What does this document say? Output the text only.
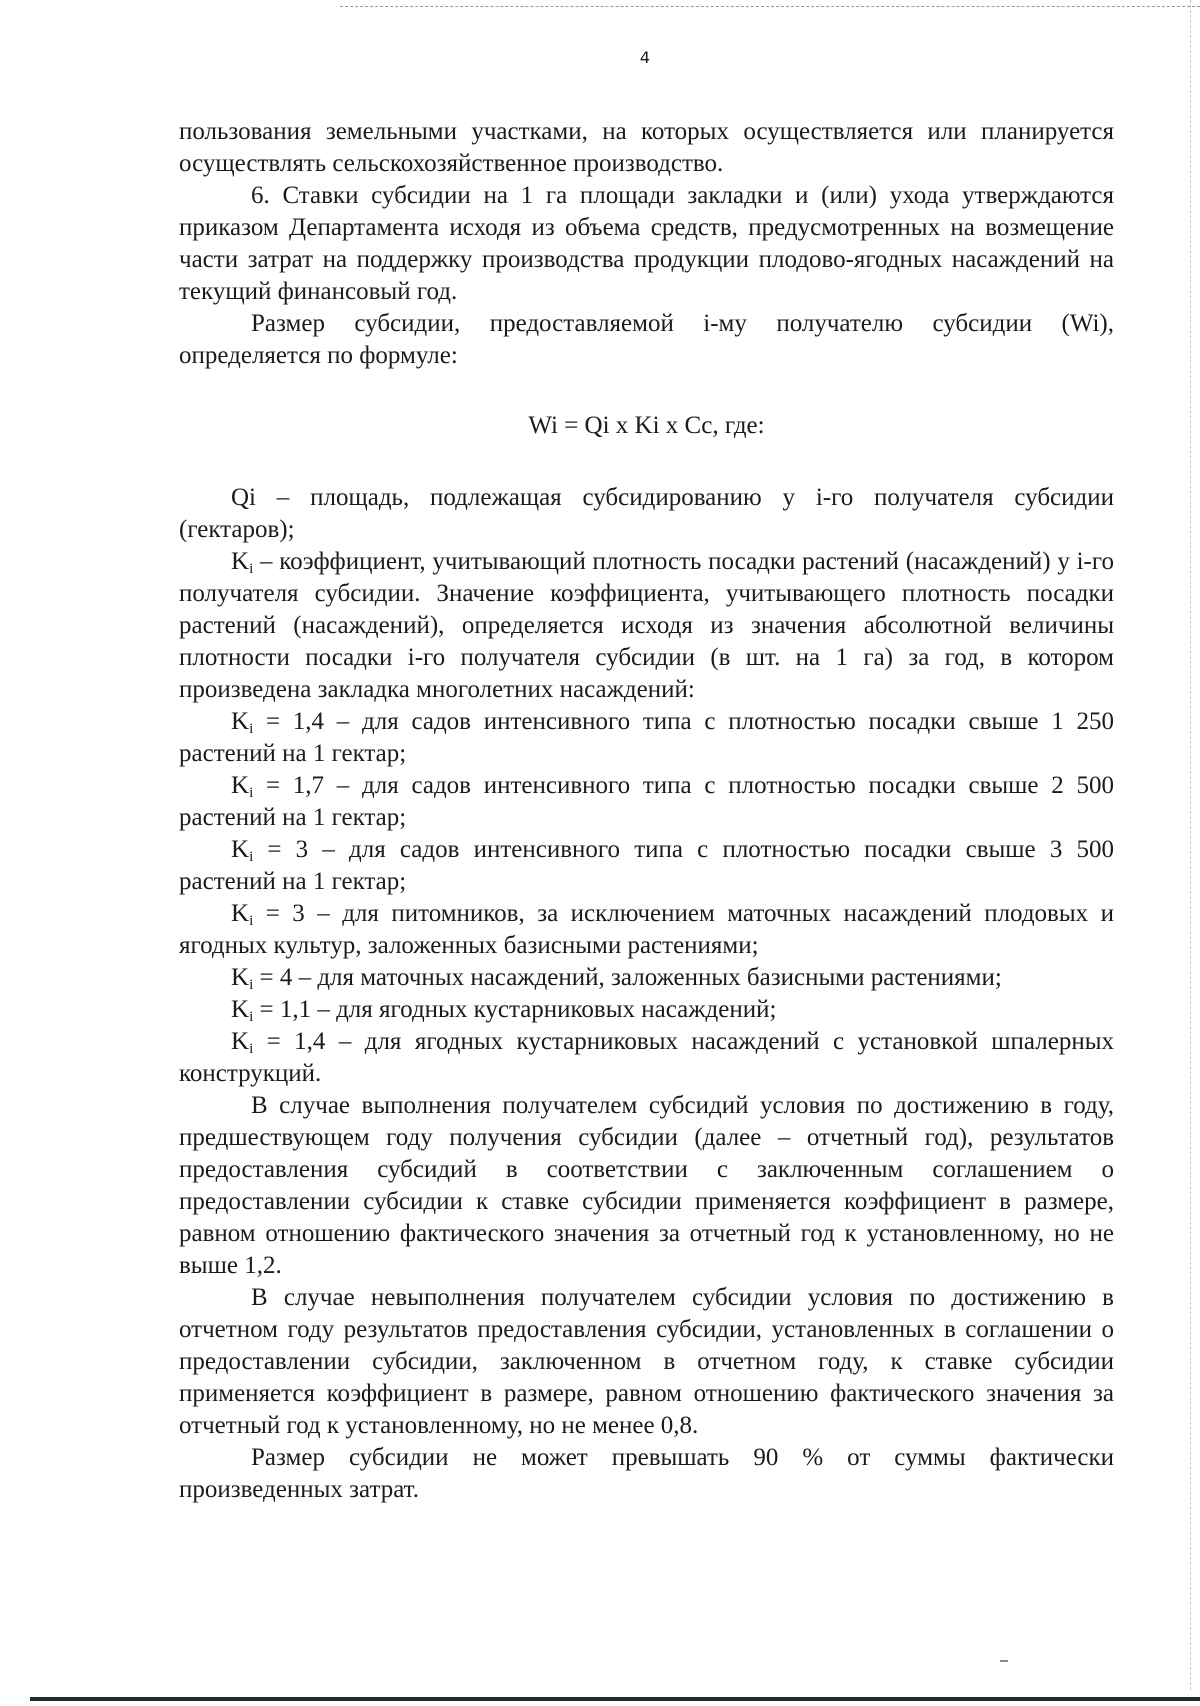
4

пользования земельными участками, на которых осуществляется или планируется осуществлять сельскохозяйственное производство.

6. Ставки субсидии на 1 га площади закладки и (или) ухода утверждаются приказом Департамента исходя из объема средств, предусмотренных на возмещение части затрат на поддержку производства продукции плодово-ягодных насаждений на текущий финансовый год.

Размер субсидии, предоставляемой i-му получателю субсидии (Wi), определяется по формуле:

Wi = Qi x Ki x Cc, где:

Qi – площадь, подлежащая субсидированию у i-го получателя субсидии (гектаров);

$K_i$ – коэффициент, учитывающий плотность посадки растений (насаждений) у i-го получателя субсидии. Значение коэффициента, учитывающего плотность посадки растений (насаждений), определяется исходя из значения абсолютной величины плотности посадки i-го получателя субсидии (в шт. на 1 га) за год, в котором произведена закладка многолетних насаждений:

$K_i = 1,4$ – для садов интенсивного типа с плотностью посадки свыше 1 250 растений на 1 гектар;

$K_i = 1,7$ – для садов интенсивного типа с плотностью посадки свыше 2 500 растений на 1 гектар;

$K_i = 3$ – для садов интенсивного типа с плотностью посадки свыше 3 500 растений на 1 гектар;

$K_i = 3$ – для питомников, за исключением маточных насаждений плодовых и ягодных культур, заложенных базисными растениями;

$K_i = 4$ – для маточных насаждений, заложенных базисными растениями;

$K_i = 1,1$ – для ягодных кустарниковых насаждений;

$K_i = 1,4$ – для ягодных кустарниковых насаждений с установкой шпалерных конструкций.

В случае выполнения получателем субсидий условия по достижению в году, предшествующем году получения субсидии (далее – отчетный год), результатов предоставления субсидий в соответствии с заключенным соглашением о предоставлении субсидии к ставке субсидии применяется коэффициент в размере, равном отношению фактического значения за отчетный год к установленному, но не выше 1,2.

В случае невыполнения получателем субсидии условия по достижению в отчетном году результатов предоставления субсидии, установленных в соглашении о предоставлении субсидии, заключенном в отчетном году, к ставке субсидии применяется коэффициент в размере, равном отношению фактического значения за отчетный год к установленному, но не менее 0,8.

Размер субсидии не может превышать 90 % от суммы фактически произведенных затрат.
